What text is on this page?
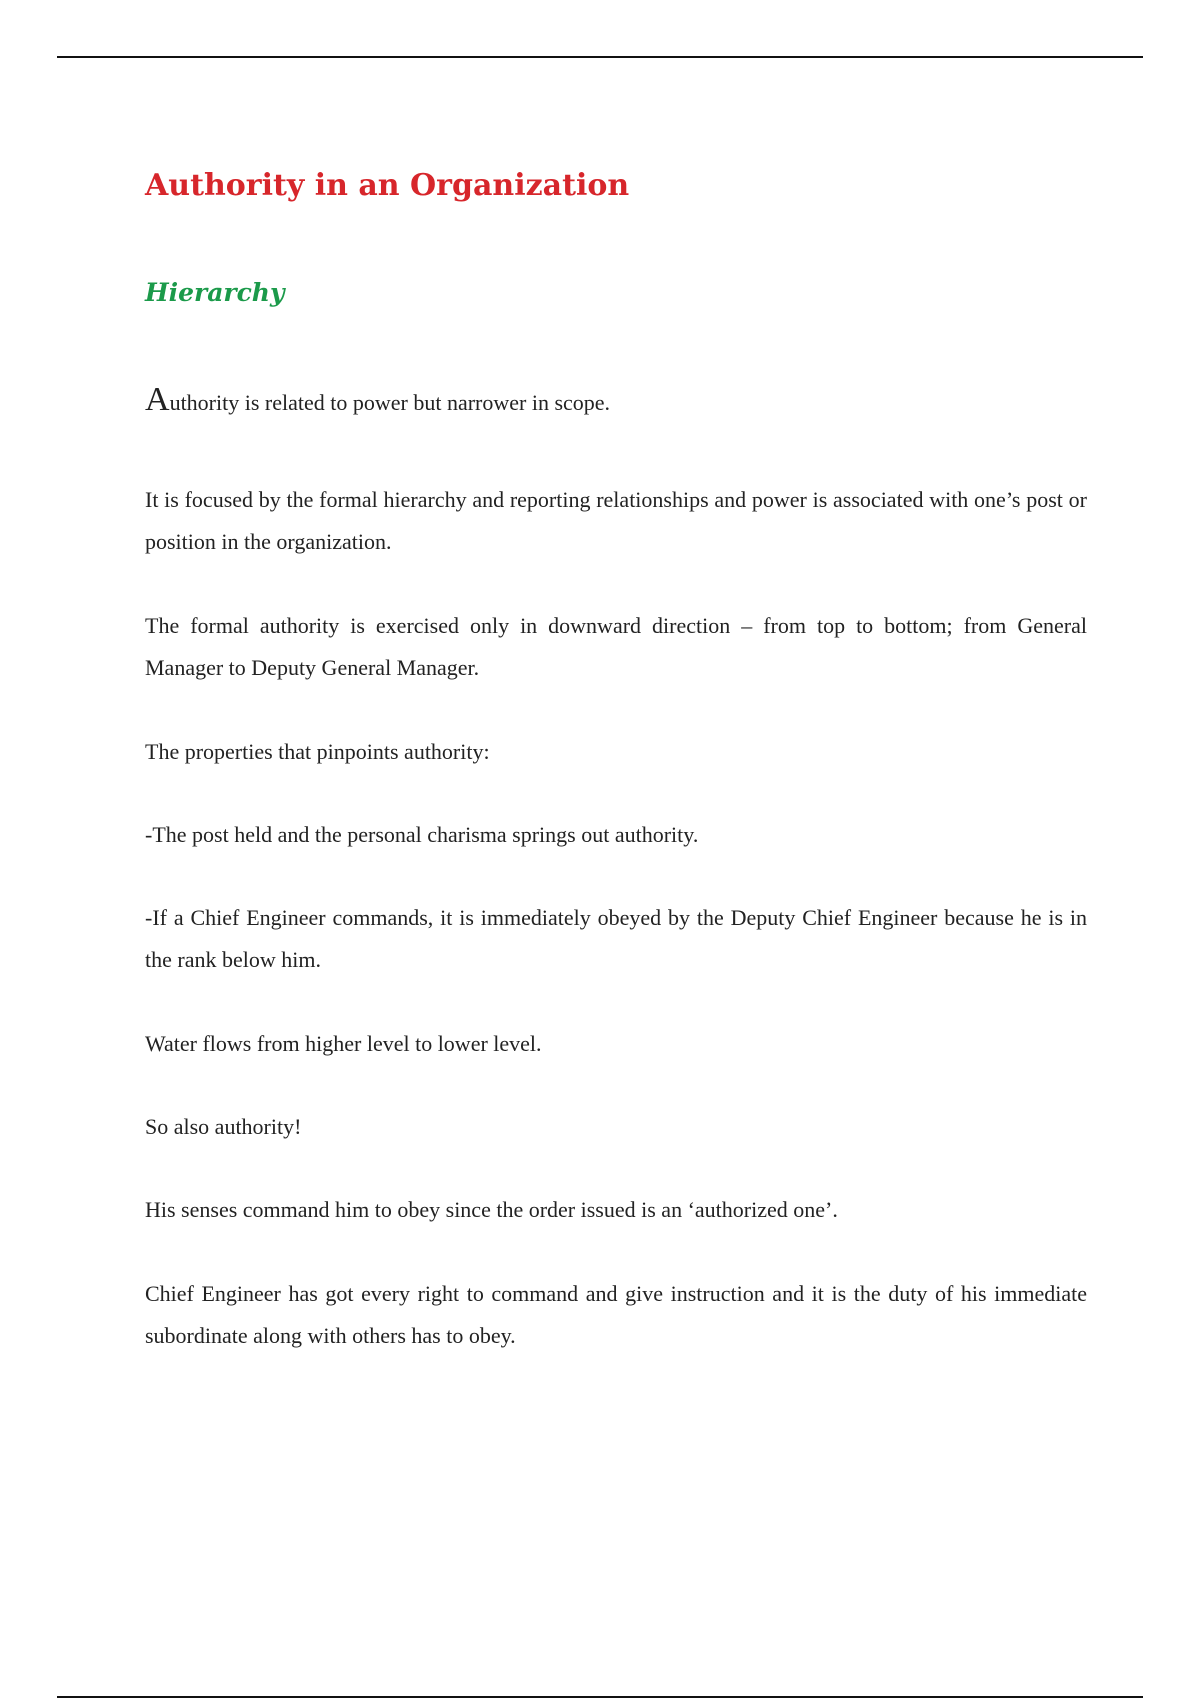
Authority in an Organization
Hierarchy

Authority is related to power but narrower in scope.

It is focused by the formal hierarchy and reporting relationships and power is associated with one’s post or position in the organization.

The formal authority is exercised only in downward direction – from top to bottom; from General Manager to Deputy General Manager.

The properties that pinpoints authority:

-The post held and the personal charisma springs out authority.

-If a Chief Engineer commands, it is immediately obeyed by the Deputy Chief Engineer because he is in the rank below him.

Water flows from higher level to lower level.

So also authority!

His senses command him to obey since the order issued is an ‘authorized one’.

Chief Engineer has got every right to command and give instruction and it is the duty of his immediate subordinate along with others has to obey.
